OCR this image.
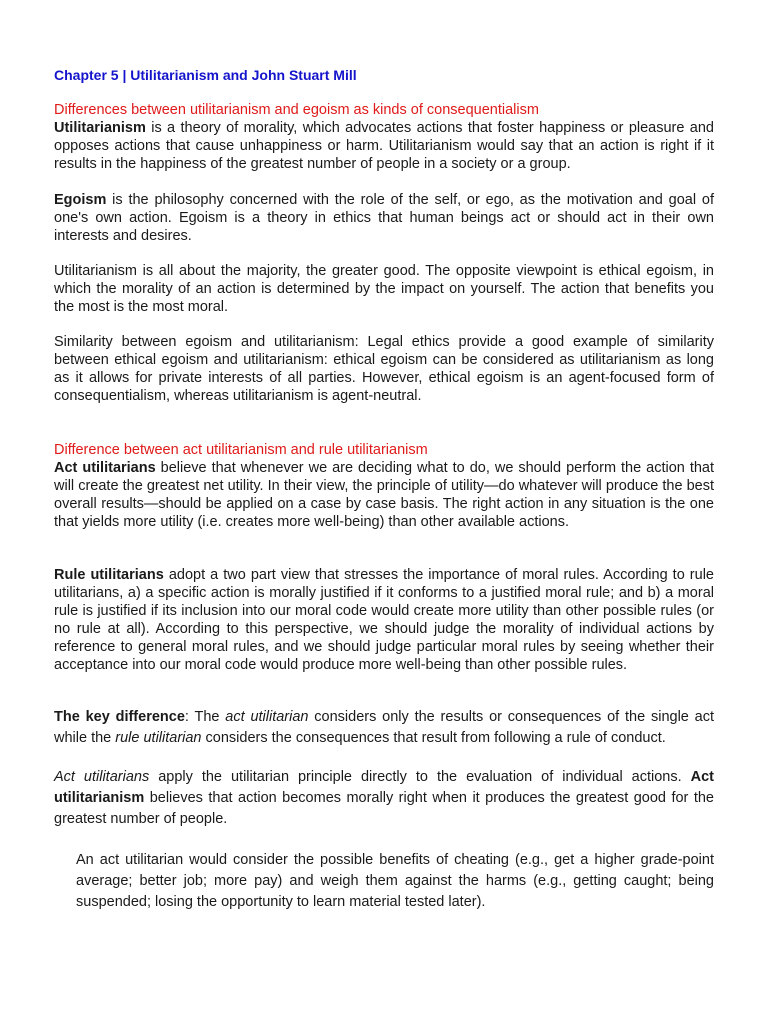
Chapter 5 | Utilitarianism and John Stuart Mill
Differences between utilitarianism and egoism as kinds of consequentialism

Utilitarianism is a theory of morality, which advocates actions that foster happiness or pleasure and opposes actions that cause unhappiness or harm. Utilitarianism would say that an action is right if it results in the happiness of the greatest number of people in a society or a group.

Egoism is the philosophy concerned with the role of the self, or ego, as the motivation and goal of one's own action. Egoism is a theory in ethics that human beings act or should act in their own interests and desires.

Utilitarianism is all about the majority, the greater good. The opposite viewpoint is ethical egoism, in which the morality of an action is determined by the impact on yourself. The action that benefits you the most is the most moral.

Similarity between egoism and utilitarianism: Legal ethics provide a good example of similarity between ethical egoism and utilitarianism: ethical egoism can be considered as utilitarianism as long as it allows for private interests of all parties. However, ethical egoism is an agent-focused form of consequentialism, whereas utilitarianism is agent-neutral.

Difference between act utilitarianism and rule utilitarianism

Act utilitarians believe that whenever we are deciding what to do, we should perform the action that will create the greatest net utility. In their view, the principle of utility—do whatever will produce the best overall results—should be applied on a case by case basis. The right action in any situation is the one that yields more utility (i.e. creates more well-being) than other available actions.

Rule utilitarians adopt a two part view that stresses the importance of moral rules. According to rule utilitarians, a) a specific action is morally justified if it conforms to a justified moral rule; and b) a moral rule is justified if its inclusion into our moral code would create more utility than other possible rules (or no rule at all). According to this perspective, we should judge the morality of individual actions by reference to general moral rules, and we should judge particular moral rules by seeing whether their acceptance into our moral code would produce more well-being than other possible rules.

The key difference: The act utilitarian considers only the results or consequences of the single act while the rule utilitarian considers the consequences that result from following a rule of conduct.

Act utilitarians apply the utilitarian principle directly to the evaluation of individual actions. Act utilitarianism believes that action becomes morally right when it produces the greatest good for the greatest number of people.

An act utilitarian would consider the possible benefits of cheating (e.g., get a higher grade-point average; better job; more pay) and weigh them against the harms (e.g., getting caught; being suspended; losing the opportunity to learn material tested later).
